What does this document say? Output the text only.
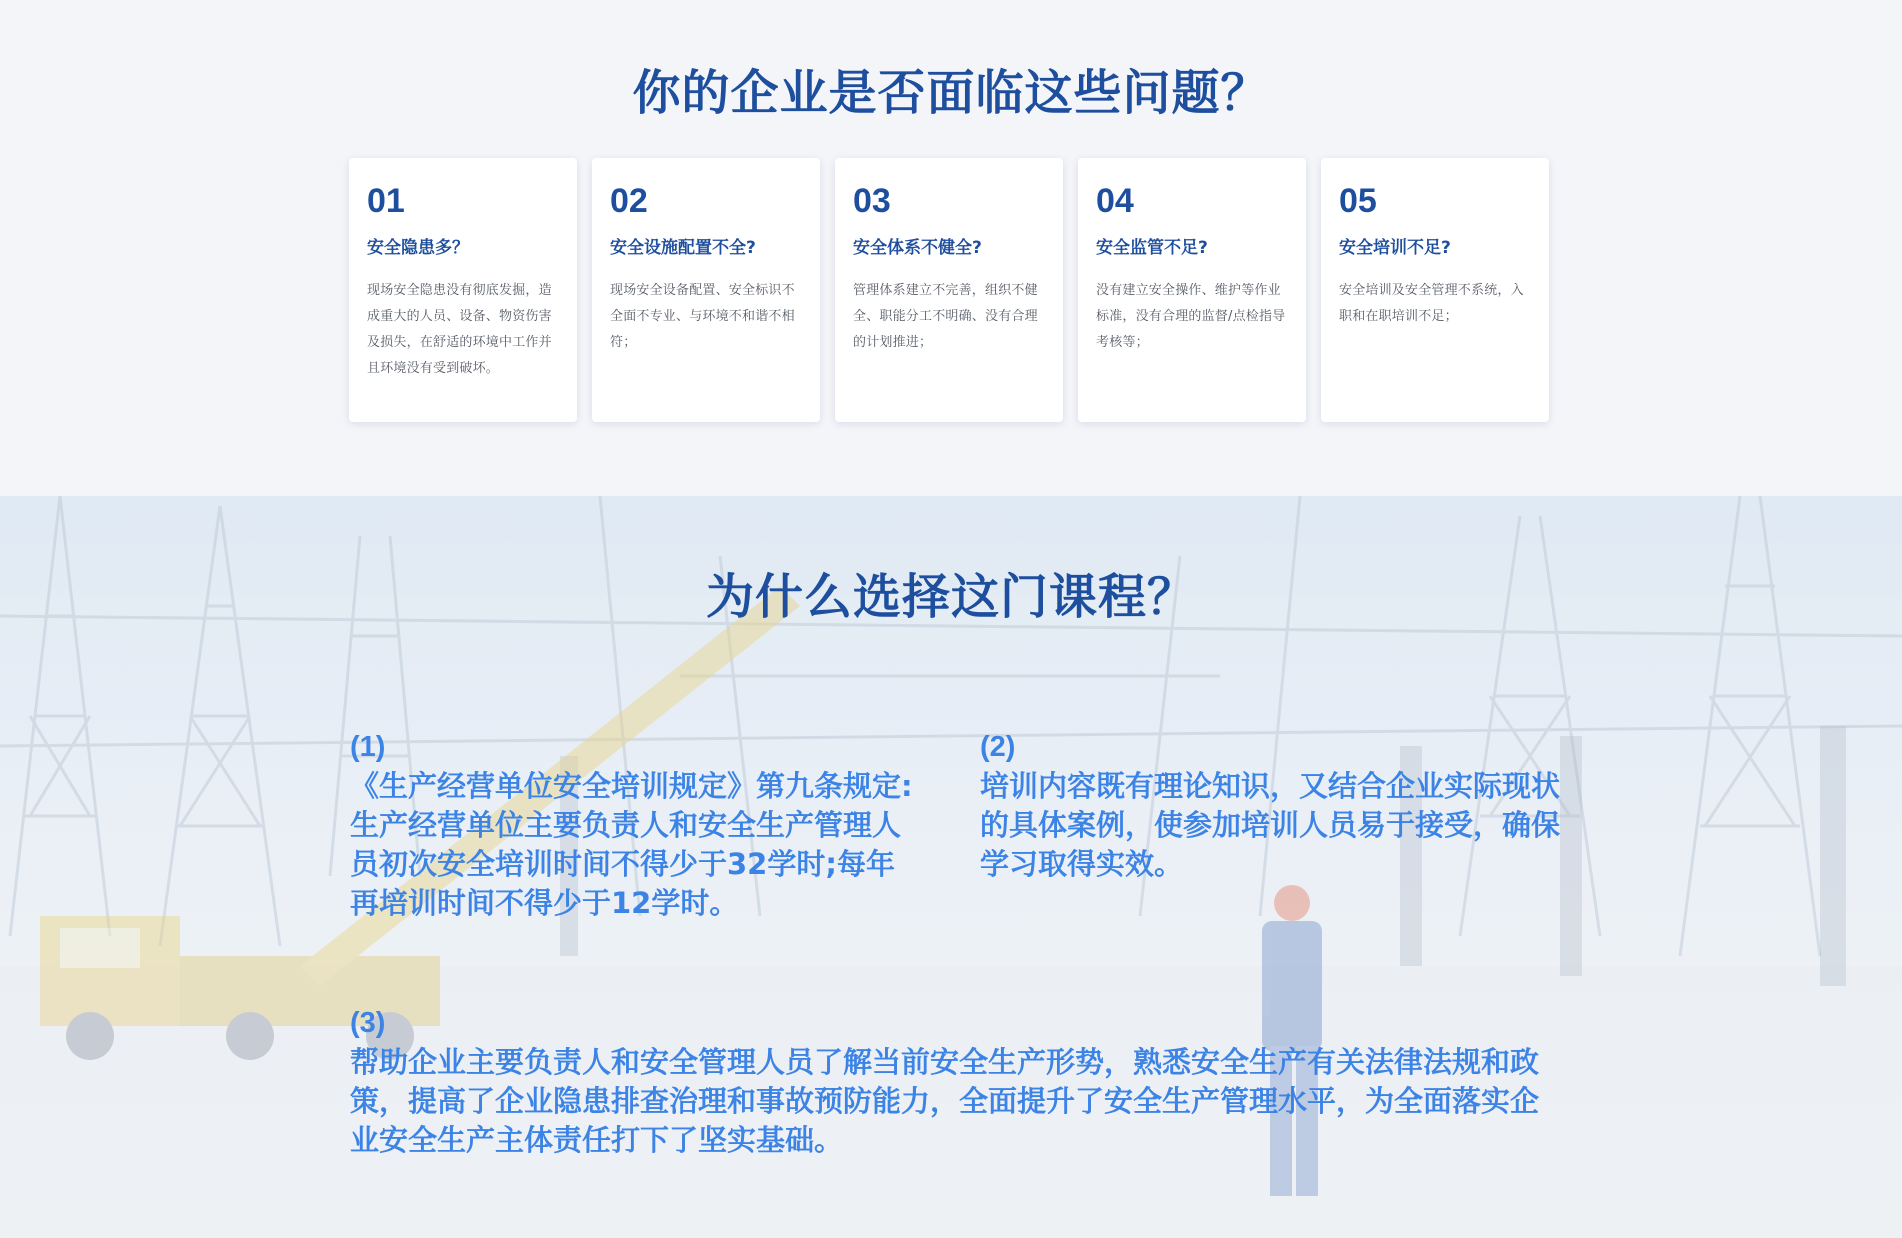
你的企业是否面临这些问题？
01
安全隐患多？
现场安全隐患没有彻底发掘，造成重大的人员、设备、物资伤害及损失，在舒适的环境中工作并且环境没有受到破坏。
02
安全设施配置不全?
现场安全设备配置、安全标识不全面不专业、与环境不和谐不相符；
03
安全体系不健全?
管理体系建立不完善，组织不健全、职能分工不明确、没有合理的计划推进；
04
安全监管不足?
没有建立安全操作、维护等作业标准，没有合理的监督/点检指导考核等；
05
安全培训不足?
安全培训及安全管理不系统，入职和在职培训不足；
为什么选择这门课程？
(1)
《生产经营单位安全培训规定》第九条规定:生产经营单位主要负责人和安全生产管理人员初次安全培训时间不得少于32学时;每年再培训时间不得少于12学时。
(2)
培训内容既有理论知识，又结合企业实际现状的具体案例，使参加培训人员易于接受，确保学习取得实效。
(3)
帮助企业主要负责人和安全管理人员了解当前安全生产形势，熟悉安全生产有关法律法规和政策，提高了企业隐患排查治理和事故预防能力，全面提升了安全生产管理水平，为全面落实企业安全生产主体责任打下了坚实基础。
